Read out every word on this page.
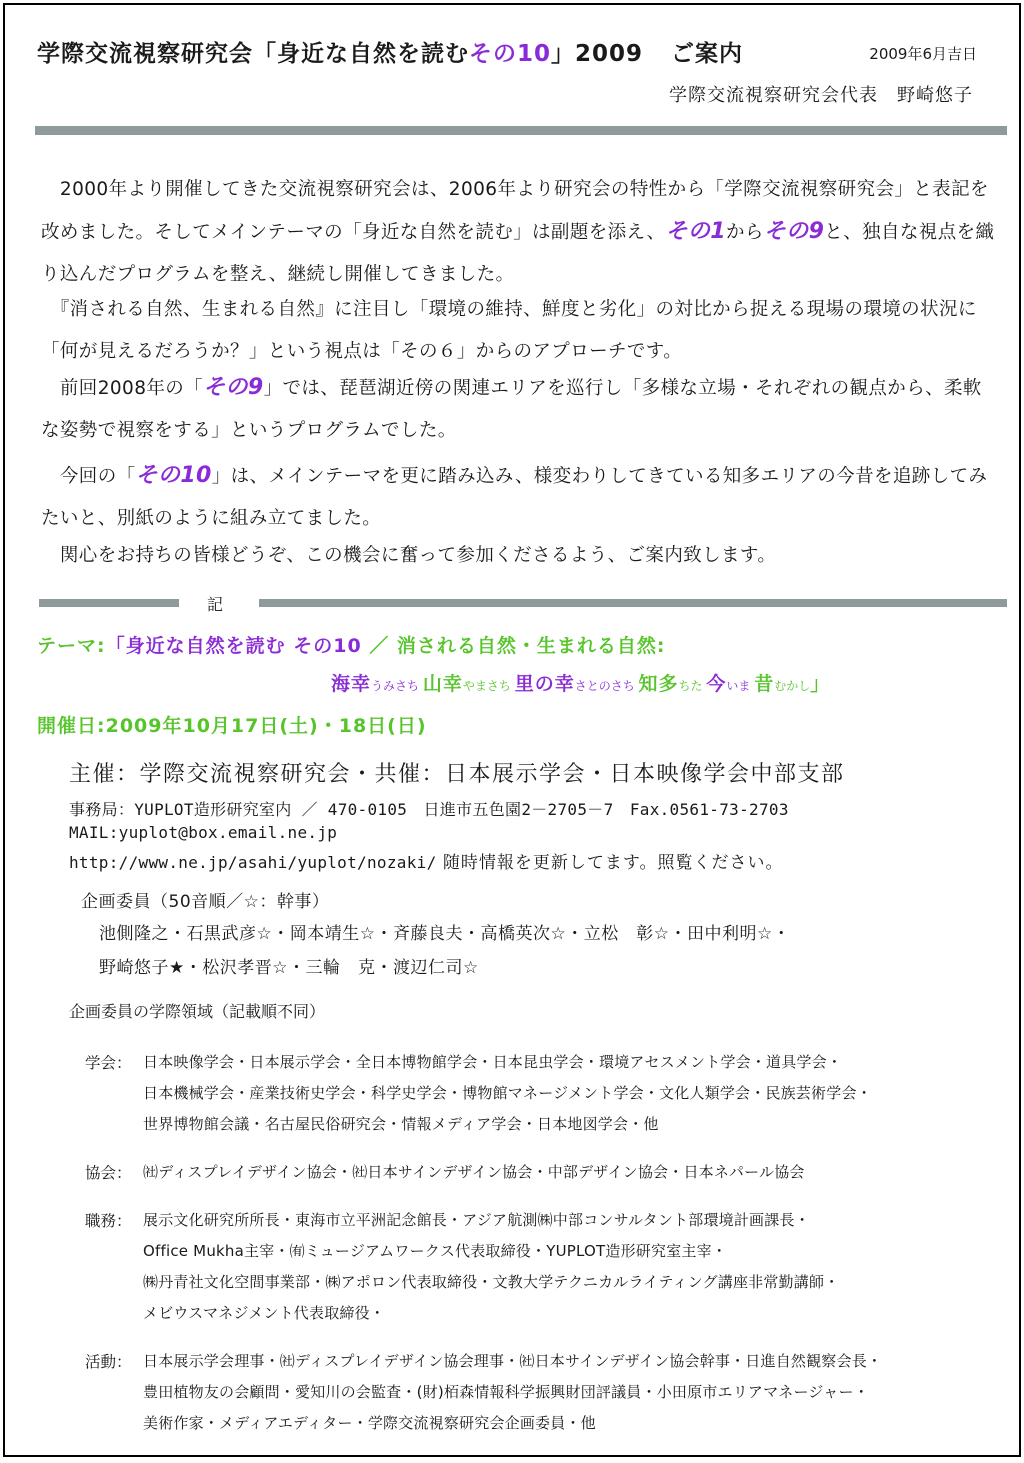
学際交流視察研究会「身近な自然を読むその10」2009 ご案内	2009年6月吉日
学際交流視察研究会代表　野崎悠子
　2000年より開催してきた交流視察研究会は、2006年より研究会の特性から「学際交流視察研究会」と表記を改めました。そしてメインテーマの「身近な自然を読む」は副題を添え、その1からその9と、独自な視点を織り込んだプログラムを整え、継続し開催してきました。
　『消される自然、生まれる自然』に注目し「環境の維持、鮮度と劣化」の対比から捉える現場の環境の状況に「何が見えるだろうか？」という視点は「その６」からのアプローチです。
　前回2008年の「その9」では、琵琶湖近傍の関連エリアを巡行し「多様な立場・それぞれの観点から、柔軟な姿勢で視察をする」というプログラムでした。
　今回の「その10」は、メインテーマを更に踏み込み、様変わりしてきている知多エリアの今昔を追跡してみたいと、別紙のように組み立てました。
　関心をお持ちの皆様どうぞ、この機会に奮って参加くださるよう、ご案内致します。
記
テーマ:「身近な自然を読む その10 ／ 消される自然・生まれる自然:
海幸うみさち 山幸やまさち 里の幸さとのさち 知多ちた 今いま 昔むかし」
開催日:2009年10月17日(土)・18日(日)
主催：学際交流視察研究会・共催：日本展示学会・日本映像学会中部支部
事務局：YUPLOT造形研究室内 ／ 470-0105　日進市五色園2－2705－7　Fax.0561-73-2703
MAIL:yuplot@box.email.ne.jp
http://www.ne.jp/asahi/yuplot/nozaki/ 随時情報を更新してます。照覧ください。
企画委員（50音順／☆：幹事）
池側隆之・石黒武彦☆・岡本靖生☆・斉藤良夫・高橋英次☆・立松　彰☆・田中利明☆・
野崎悠子★・松沢孝晋☆・三輪　克・渡辺仁司☆
企画委員の学際領域（記載順不同）
学会： 日本映像学会・日本展示学会・全日本博物館学会・日本昆虫学会・環境アセスメント学会・道具学会・
日本機械学会・産業技術史学会・科学史学会・博物館マネージメント学会・文化人類学会・民族芸術学会・
世界博物館会議・名古屋民俗研究会・情報メディア学会・日本地図学会・他
協会： ㈳ディスプレイデザイン協会・㈳日本サインデザイン協会・中部デザイン協会・日本ネパール協会
職務： 展示文化研究所所長・東海市立平洲記念館長・アジア航測㈱中部コンサルタント部環境計画課長・
Office Mukha主宰・㈲ミュージアムワークス代表取締役・YUPLOT造形研究室主宰・
㈱丹青社文化空間事業部・㈱アポロン代表取締役・文教大学テクニカルライティング講座非常勤講師・
メビウスマネジメント代表取締役・
活動： 日本展示学会理事・㈳ディスプレイデザイン協会理事・㈳日本サインデザイン協会幹事・日進自然観察会長・
豊田植物友の会顧問・愛知川の会監査・(財)栢森情報科学振興財団評議員・小田原市エリアマネージャー・
美術作家・メディアエディター・学際交流視察研究会企画委員・他
